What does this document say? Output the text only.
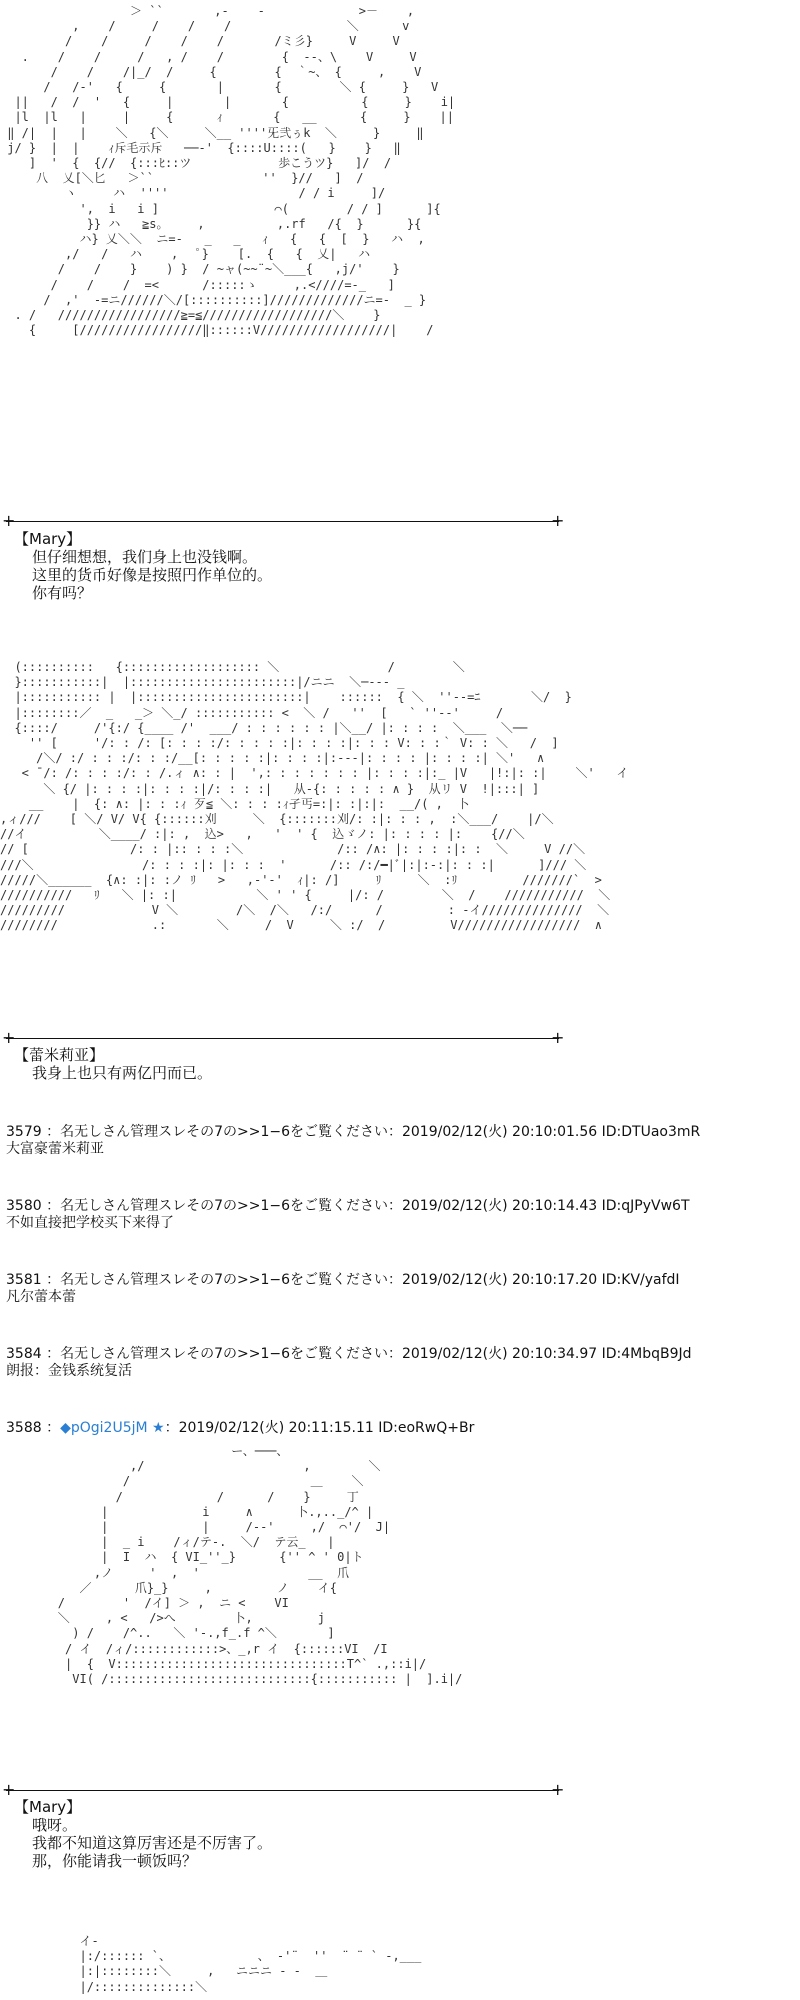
＞ ``       ,-    -             >－    ,
,    /     /    /    /                ＼      v
/    /     /    /    /       /ミ彡}     V     V
.    /    /     /   , /    /        {  --、\    V     V
/    /    /|_/  /     {        {  ｀~、 {     ,    V
/   /‐'   {     {       |       {        ＼ {     }   V
||   /  /  '   {     |       |       {          {     }    i|
|l  |l   |     |     {      ｨ       {   __      {     }    ||
‖ /|  |   |    ＼   {＼     ＼__ ''''旡弐ぅk  ＼     }     ‖
j/ }  |  |    ｨ斥毛示斥   ──‐'  {::::U::::(   }    }   ‖
]  '  {  {//  {:::ﾋ::ツ            歩こうツ}   ]/  /
八  乂[＼匕   ＞``               ''  }//   ]  /
ヽ     ハ  ''''                  / / i     ]/
',  i   i ]                ⌒(        / / ]      ]{
}} ハ   ≧s。    ,          ,.rf   /{  }      }{
ハ} 乂＼＼  ニ=-   _   _   ｨ   {   {  [  }   ハ  ,
,/   /   ハ    ,   ﾟ}    [.  {   {  乂|   ハ
/    /    }    ) }  / ~ャ(~~¨~＼___{   ,j/'    }
/    /    /  =<      /:::::ゝ     ,.<////=-_   ]
/  ,'  -=ニ//////＼/[::::::::::]/////////////ニ=-  _ }
. /   /////////////////≧=≦//////////////////＼    }
{     [/////////////////‖::::::V//////////////////|    /
+	+
【Mary】
但仔细想想，我们身上也没钱啊。
这里的货币好像是按照円作单位的。
你有吗？
(::::::::::   {::::::::::::::::::: ＼               /        ＼
}:::::::::::|  |:::::::::::::::::::::::|/ニニ  ＼─--- _
|::::::::::: |  |:::::::::::::::::::::::|    ::::::  { ＼  ''--=ﾆ       ＼/  }
|::::::::／  _   _＞ ＼_/ ::::::::::: <  ＼ /   ''  [   ` ''--'     /
{::::/     /'{:/ {____ /'  ___/ : : : : : : |＼__/ |: : : :  ＼___  ＼──
'' [     '/: : /: [: : : :/: : : : :|: : : :|: : : V: : :｀ V: : ＼   /  ]
/＼/ :/ : : :/: : :/__[: : : : :|: : : :|:---|: : : : |: : : :| ＼'   ∧
< ̄ /: /: : : :/: : /.ィ ∧: : |  ',: : : : : : : |: : : :|:_ |V   |!:|: :|    ＼'   イ
＼ {/ |: : : :|: : : :|/: : : :|   从-{: : : : : ∧ }  从リ V  !|:::| ]
__    |  {: ∧: |: : :ｨ 歹≦ ＼: : : :ｨ孑丐=:|: :|:|:  __/( ,  卜
,ィ///    [ ＼/ V/ V{ {::::::刈     ＼  {:::::::刈/: :|: : : ,  :＼___/    |/＼
//イ          ＼____/ :|: ,  込>   ,   '  ' {  込ゞノ: |: : : : |:    {//＼
// [              /: : |:: : : :＼             /:: /∧: |: : : :|: :  ＼     V //＼
///＼               /: : : :|: |: : :  '      /:: /:/━|ﾞ|:|:-:|: : :|      ]/// ＼
/////＼______  {∧: :|: :ノ ﾘ   >   ,-'-'  ｨ|: /]     ﾘ     ＼  :ﾘ         ///////`  >
//////////   ﾘ   ＼ |: :|           ＼ ' ' {     |/: /        ＼  /    ///////////  ＼
/////////            V ＼        /＼  /＼   /:/      /         : -イ//////////////  ＼
////////             .:       ＼     /  V     ＼ :/  /         V/////////////////  ∧
+	+
【蕾米莉亚】
我身上也只有两亿円而已。
3579 ：名无しさん管理スレその7の>>1−6をご覧ください：2019/02/12(火) 20:10:01.56 ID:DTUao3mR
大富豪蕾米莉亚
3580 ：名无しさん管理スレその7の>>1−6をご覧ください：2019/02/12(火) 20:10:14.43 ID:qJPyVw6T
不如直接把学校买下来得了
3581 ：名无しさん管理スレその7の>>1−6をご覧ください：2019/02/12(火) 20:10:17.20 ID:KV/yafdI
凡尔蕾本蕾
3584 ：名无しさん管理スレその7の>>1−6をご覧ください：2019/02/12(火) 20:10:34.97 ID:4MbqB9Jd
朗报：金钱系统复活
3588 ：◆pOgi2U5jM ★：2019/02/12(火) 20:11:15.11 ID:eoRwQ+Br
ー、───、
,/                      ,        ＼
/                         ＿    ＼
/             /      /    }     丁
|             i     ∧      卜.,.._/^ |
|             |     /--'     ,/  ⌒'/  J|
|  _ i    /ィ/テ-.  ＼/  テ云_   |
|  I  ハ  { VI_''_}      {'' ^ ' 0|ト
,ノ     '  ,  '               __  爪
／      爪}_}     ,         ノ    イ{
/        '  /イ] ＞ ,  ニ <    VI
＼     , <   />へ        卜,         j
) /    /^..   ＼ '‐.,f_.f ^＼       ]
/ イ  /ィ/::::::::::::>、_,r イ  {::::::VI  /I
|  {  V::::::::::::::::::::::::::::::::T^` .,::i|/
VI( /::::::::::::::::::::::::::::{::::::::::: |  ].i|/
+	+
【Mary】
哦呀。
我都不知道这算厉害还是不厉害了。
那，你能请我一顿饭吗？
イ-
|:/:::::: `、            、 -'¨  ''  ¨ ¨ ` ‐,___
|:|::::::::＼     ,   ニニニ ‐ -  ＿
|/::::::::::::::＼
